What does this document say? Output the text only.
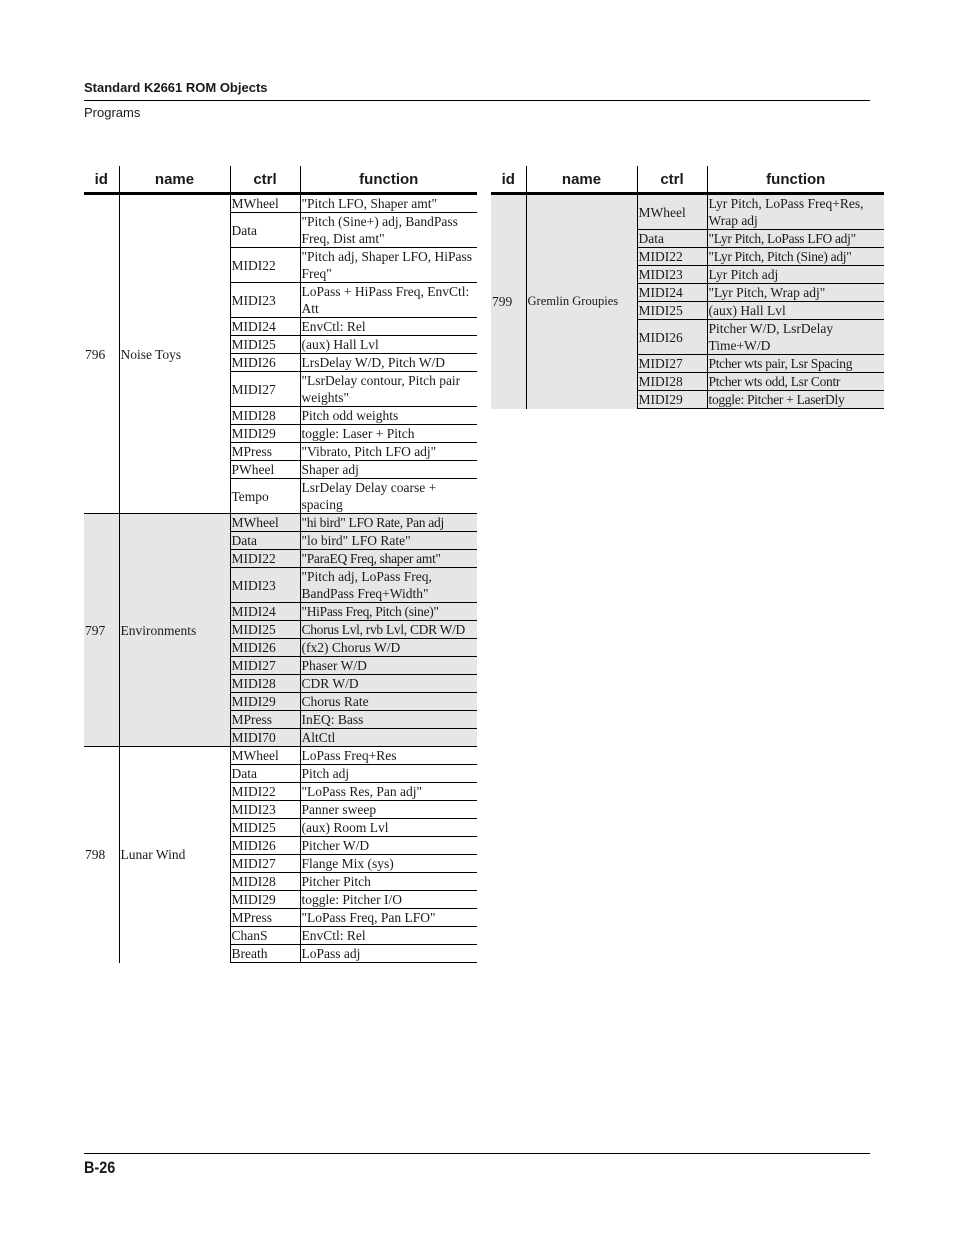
Standard K2661 ROM Objects
Programs
id	name	ctrl	function
796	Noise Toys	MWheel	"Pitch LFO, Shaper amt"
		Data	"Pitch (Sine+) adj, BandPass Freq, Dist amt"
		MIDI22	"Pitch adj, Shaper LFO, HiPass Freq"
		MIDI23	LoPass + HiPass Freq, EnvCtl: Att
		MIDI24	EnvCtl: Rel
		MIDI25	(aux) Hall Lvl
		MIDI26	LrsDelay W/D, Pitch W/D
		MIDI27	"LsrDelay contour, Pitch pair weights"
		MIDI28	Pitch odd weights
		MIDI29	toggle: Laser + Pitch
		MPress	"Vibrato, Pitch LFO adj"
		PWheel	Shaper adj
		Tempo	LsrDelay Delay coarse + spacing
797	Environments	MWheel	"hi bird" LFO Rate, Pan adj
		Data	"lo bird" LFO Rate"
		MIDI22	"ParaEQ Freq, shaper amt"
		MIDI23	"Pitch adj, LoPass Freq, BandPass Freq+Width"
		MIDI24	"HiPass Freq, Pitch (sine)"
		MIDI25	Chorus Lvl, rvb Lvl, CDR W/D
		MIDI26	(fx2) Chorus W/D
		MIDI27	Phaser W/D
		MIDI28	CDR W/D
		MIDI29	Chorus Rate
		MPress	InEQ: Bass
		MIDI70	AltCtl
798	Lunar Wind	MWheel	LoPass Freq+Res
		Data	Pitch adj
		MIDI22	"LoPass Res, Pan adj"
		MIDI23	Panner sweep
		MIDI25	(aux) Room Lvl
		MIDI26	Pitcher W/D
		MIDI27	Flange Mix (sys)
		MIDI28	Pitcher Pitch
		MIDI29	toggle: Pitcher I/O
		MPress	"LoPass Freq, Pan LFO"
		ChanS	EnvCtl: Rel
		Breath	LoPass adj
id	name	ctrl	function
799	Gremlin Groupies	MWheel	Lyr Pitch, LoPass Freq+Res, Wrap adj
		Data	"Lyr Pitch, LoPass LFO adj"
		MIDI22	"Lyr Pitch, Pitch (Sine) adj"
		MIDI23	Lyr Pitch adj
		MIDI24	"Lyr Pitch, Wrap adj"
		MIDI25	(aux) Hall Lvl
		MIDI26	Pitcher W/D, LsrDelay Time+W/D
		MIDI27	Ptcher wts pair, Lsr Spacing
		MIDI28	Ptcher wts odd, Lsr Contr
		MIDI29	toggle: Pitcher + LaserDly
B-26
